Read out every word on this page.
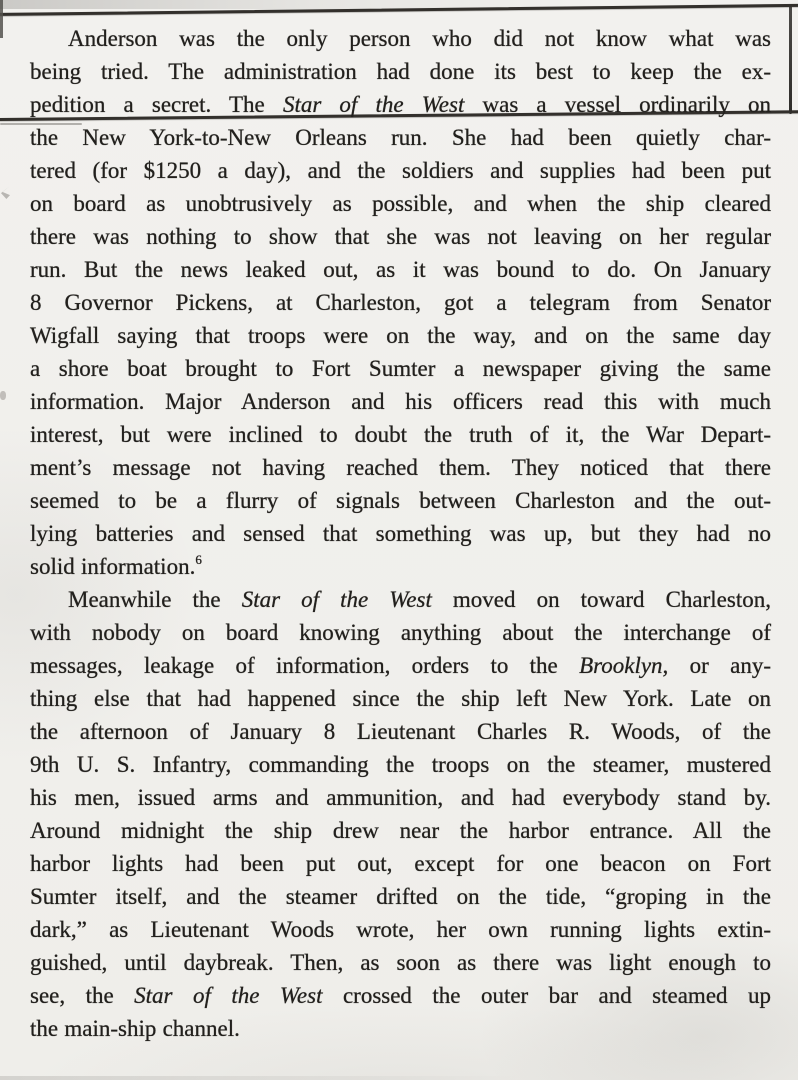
Anderson was the only person who did not know what was
being tried. The administration had done its best to keep the ex-
pedition a secret. The Star of the West was a vessel ordinarily on
the New York-to-New Orleans run. She had been quietly char-
tered (for $1250 a day), and the soldiers and supplies had been put
on board as unobtrusively as possible, and when the ship cleared
there was nothing to show that she was not leaving on her regular
run. But the news leaked out, as it was bound to do. On January
8 Governor Pickens, at Charleston, got a telegram from Senator
Wigfall saying that troops were on the way, and on the same day
a shore boat brought to Fort Sumter a newspaper giving the same
information. Major Anderson and his officers read this with much
interest, but were inclined to doubt the truth of it, the War Depart-
ment’s message not having reached them. They noticed that there
seemed to be a flurry of signals between Charleston and the out-
lying batteries and sensed that something was up, but they had no
solid information.$^6$
Meanwhile the Star of the West moved on toward Charleston,
with nobody on board knowing anything about the interchange of
messages, leakage of information, orders to the Brooklyn, or any-
thing else that had happened since the ship left New York. Late on
the afternoon of January 8 Lieutenant Charles R. Woods, of the
9th U. S. Infantry, commanding the troops on the steamer, mustered
his men, issued arms and ammunition, and had everybody stand by.
Around midnight the ship drew near the harbor entrance. All the
harbor lights had been put out, except for one beacon on Fort
Sumter itself, and the steamer drifted on the tide, “groping in the
dark,” as Lieutenant Woods wrote, her own running lights extin-
guished, until daybreak. Then, as soon as there was light enough to
see, the Star of the West crossed the outer bar and steamed up
the main-ship channel.
